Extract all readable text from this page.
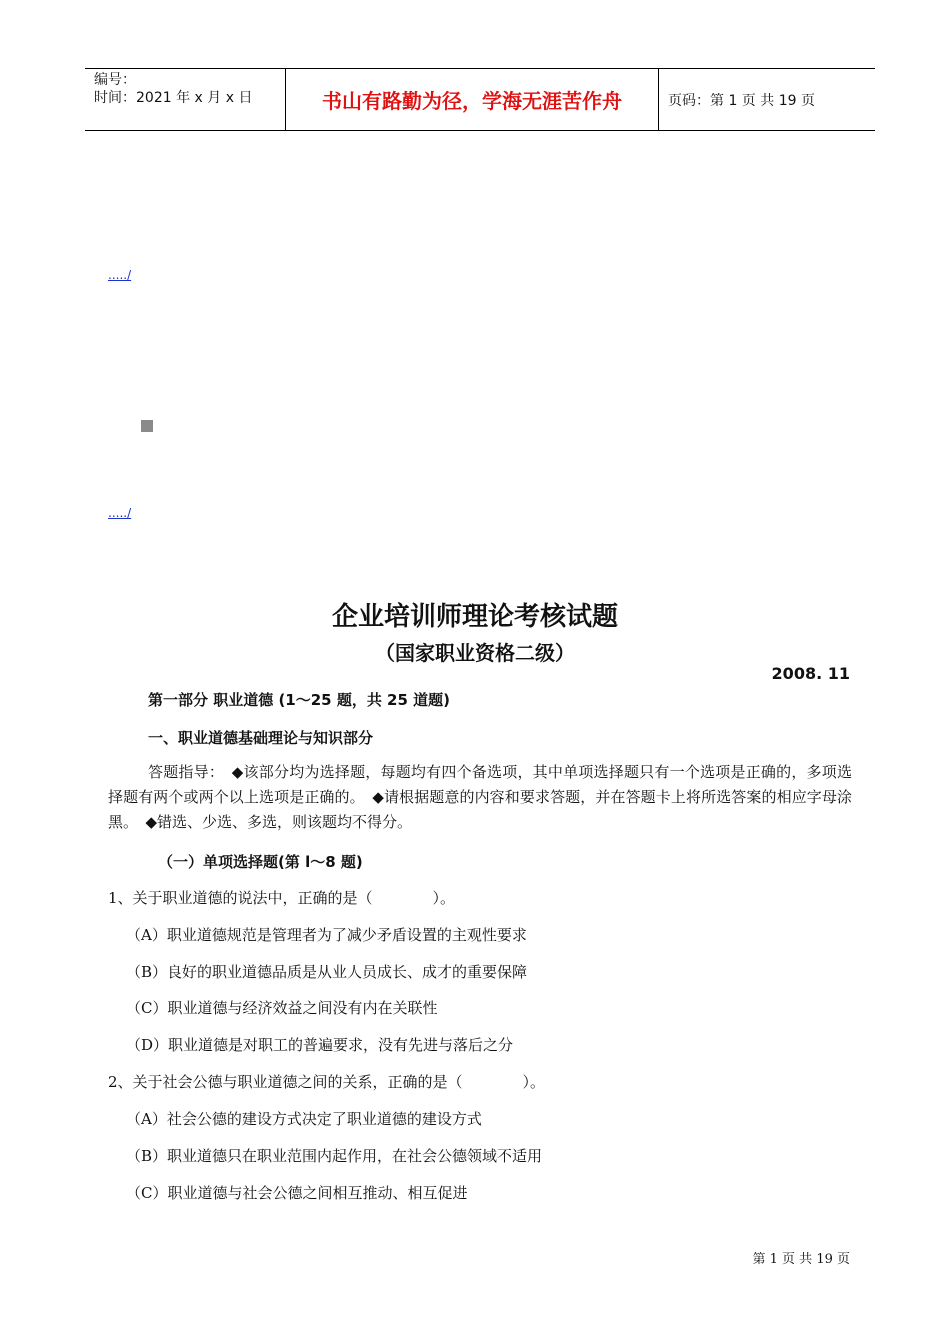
编号：
时间：2021 年 x 月 x 日	书山有路勤为径，学海无涯苦作舟	页码：第 1 页 共 19 页
...../
...../
企业培训师理论考核试题
（国家职业资格二级）
2008. 11
第一部分 职业道德 (1～25 题，共 25 道题)
一、职业道德基础理论与知识部分
答题指导：　◆该部分均为选择题，每题均有四个备选项，其中单项选择题只有一个选项是正确的，多项选择题有两个或两个以上选项是正确的。　◆请根据题意的内容和要求答题，并在答题卡上将所选答案的相应字母涂黑。　◆错选、少选、多选，则该题均不得分。
（一）单项选择题(第 l～8 题)
1、关于职业道德的说法中，正确的是（　　　　）。
（A）职业道德规范是管理者为了减少矛盾设置的主观性要求
（B）良好的职业道德品质是从业人员成长、成才的重要保障
（C）职业道德与经济效益之间没有内在关联性
（D）职业道德是对职工的普遍要求，没有先进与落后之分
2、关于社会公德与职业道德之间的关系，正确的是（　　　　）。
（A）社会公德的建设方式决定了职业道德的建设方式
（B）职业道德只在职业范围内起作用，在社会公德领域不适用
（C）职业道德与社会公德之间相互推动、相互促进
第 1 页 共 19 页
